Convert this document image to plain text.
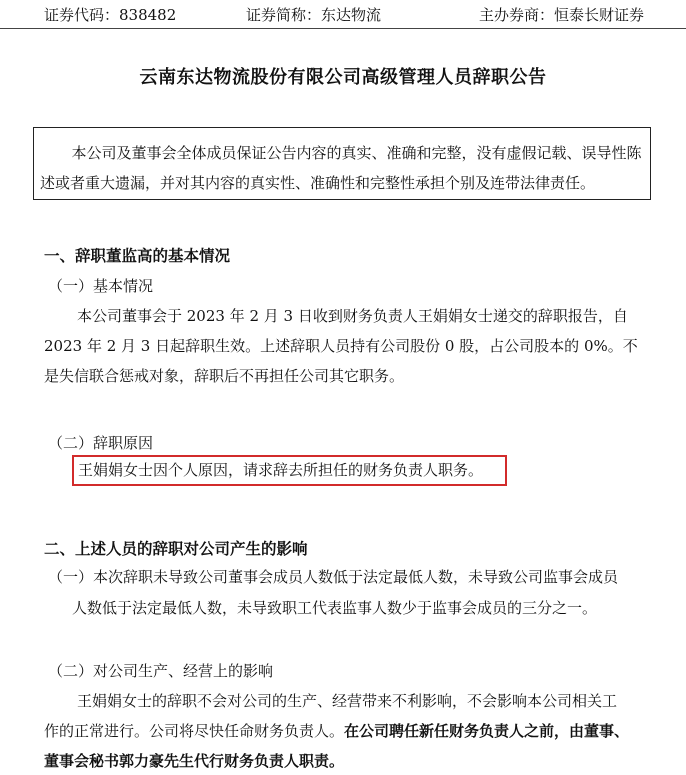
证券代码：838482	证券简称：东达物流	主办券商：恒泰长财证券
云南东达物流股份有限公司高级管理人员辞职公告

本公司及董事会全体成员保证公告内容的真实、准确和完整，没有虚假记载、误导性陈述或者重大遗漏，并对其内容的真实性、准确性和完整性承担个别及连带法律责任。

一、辞职董监高的基本情况
（一）基本情况

本公司董事会于 2023 年 2 月 3 日收到财务负责人王娟娟女士递交的辞职报告，自 2023 年 2 月 3 日起辞职生效。上述辞职人员持有公司股份 0 股，占公司股本的 0%。不是失信联合惩戒对象，辞职后不再担任公司其它职务。

（二）辞职原因
王娟娟女士因个人原因，请求辞去所担任的财务负责人职务。
二、上述人员的辞职对公司产生的影响
（一）本次辞职未导致公司董事会成员人数低于法定最低人数，未导致公司监事会成员
人数低于法定最低人数，未导致职工代表监事人数少于监事会成员的三分之一。
（二）对公司生产、经营上的影响
王娟娟女士的辞职不会对公司的生产、经营带来不利影响，不会影响本公司相关工
作的正常进行。公司将尽快任命财务负责人。在公司聘任新任财务负责人之前，由董事、
董事会秘书郭力豪先生代行财务负责人职责。
